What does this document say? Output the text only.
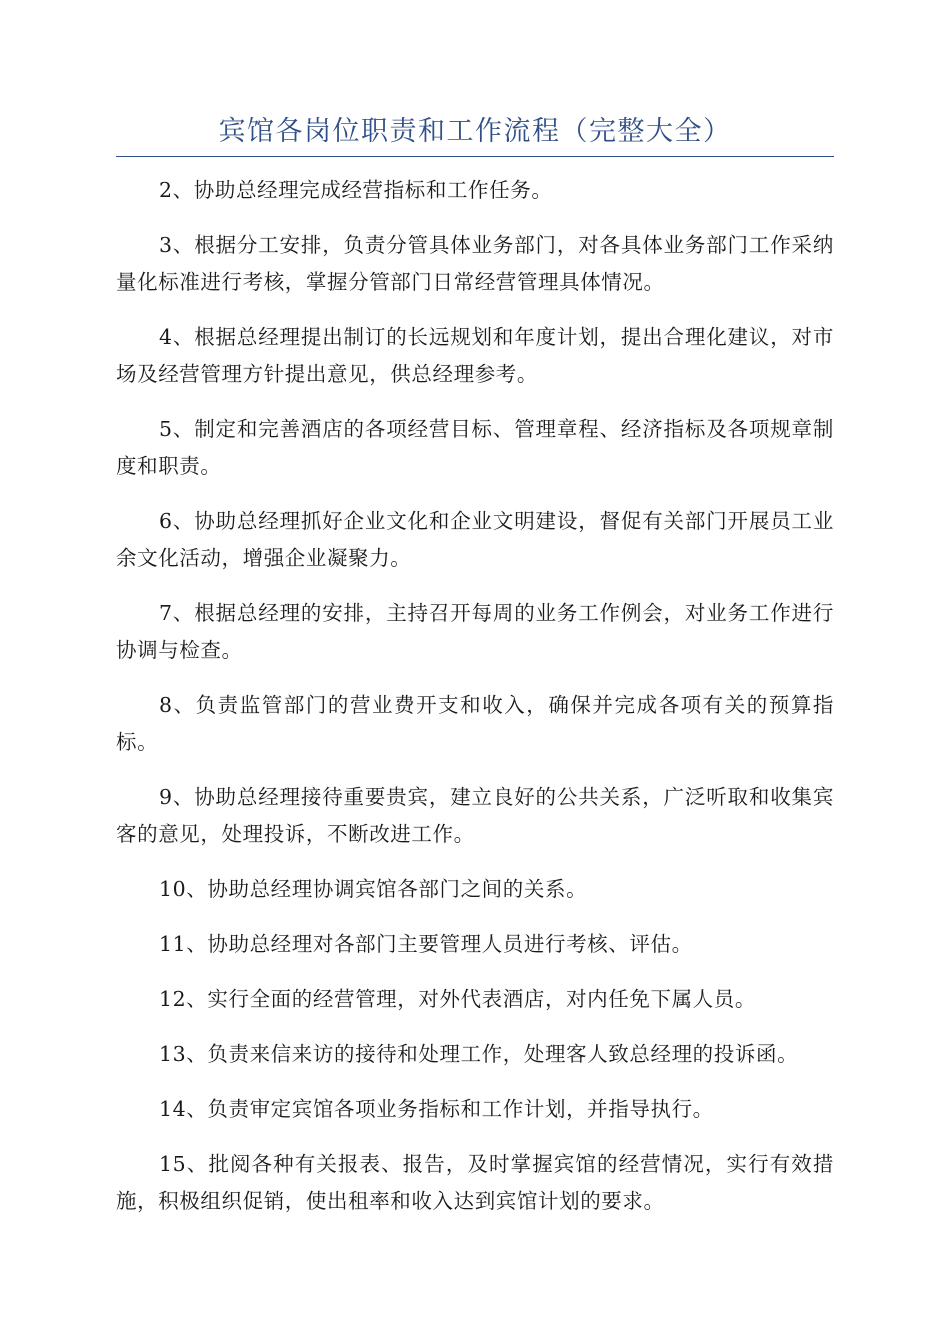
宾馆各岗位职责和工作流程（完整大全）

2、协助总经理完成经营指标和工作任务。

3、根据分工安排，负责分管具体业务部门，对各具体业务部门工作采纳量化标准进行考核，掌握分管部门日常经营管理具体情况。

4、根据总经理提出制订的长远规划和年度计划，提出合理化建议，对市场及经营管理方针提出意见，供总经理参考。

5、制定和完善酒店的各项经营目标、管理章程、经济指标及各项规章制度和职责。

6、协助总经理抓好企业文化和企业文明建设，督促有关部门开展员工业余文化活动，增强企业凝聚力。

7、根据总经理的安排，主持召开每周的业务工作例会，对业务工作进行协调与检查。

8、负责监管部门的营业费开支和收入，确保并完成各项有关的预算指标。

9、协助总经理接待重要贵宾，建立良好的公共关系，广泛听取和收集宾客的意见，处理投诉，不断改进工作。

10、协助总经理协调宾馆各部门之间的关系。

11、协助总经理对各部门主要管理人员进行考核、评估。

12、实行全面的经营管理，对外代表酒店，对内任免下属人员。

13、负责来信来访的接待和处理工作，处理客人致总经理的投诉函。

14、负责审定宾馆各项业务指标和工作计划，并指导执行。

15、批阅各种有关报表、报告，及时掌握宾馆的经营情况，实行有效措施，积极组织促销，使出租率和收入达到宾馆计划的要求。
